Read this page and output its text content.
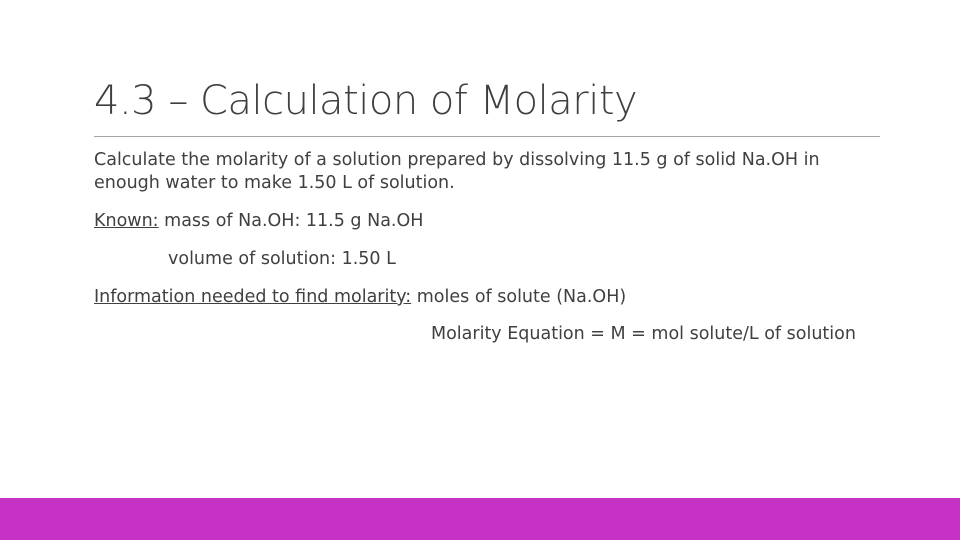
4.3 – Calculation of Molarity
Calculate the molarity of a solution prepared by dissolving 11.5 g of solid Na.OH in enough water to make 1.50 L of solution.
Known: mass of Na.OH: 11.5 g Na.OH
volume of solution: 1.50 L
Information needed to find molarity: moles of solute (Na.OH)
Molarity Equation = M = mol solute/L of solution
